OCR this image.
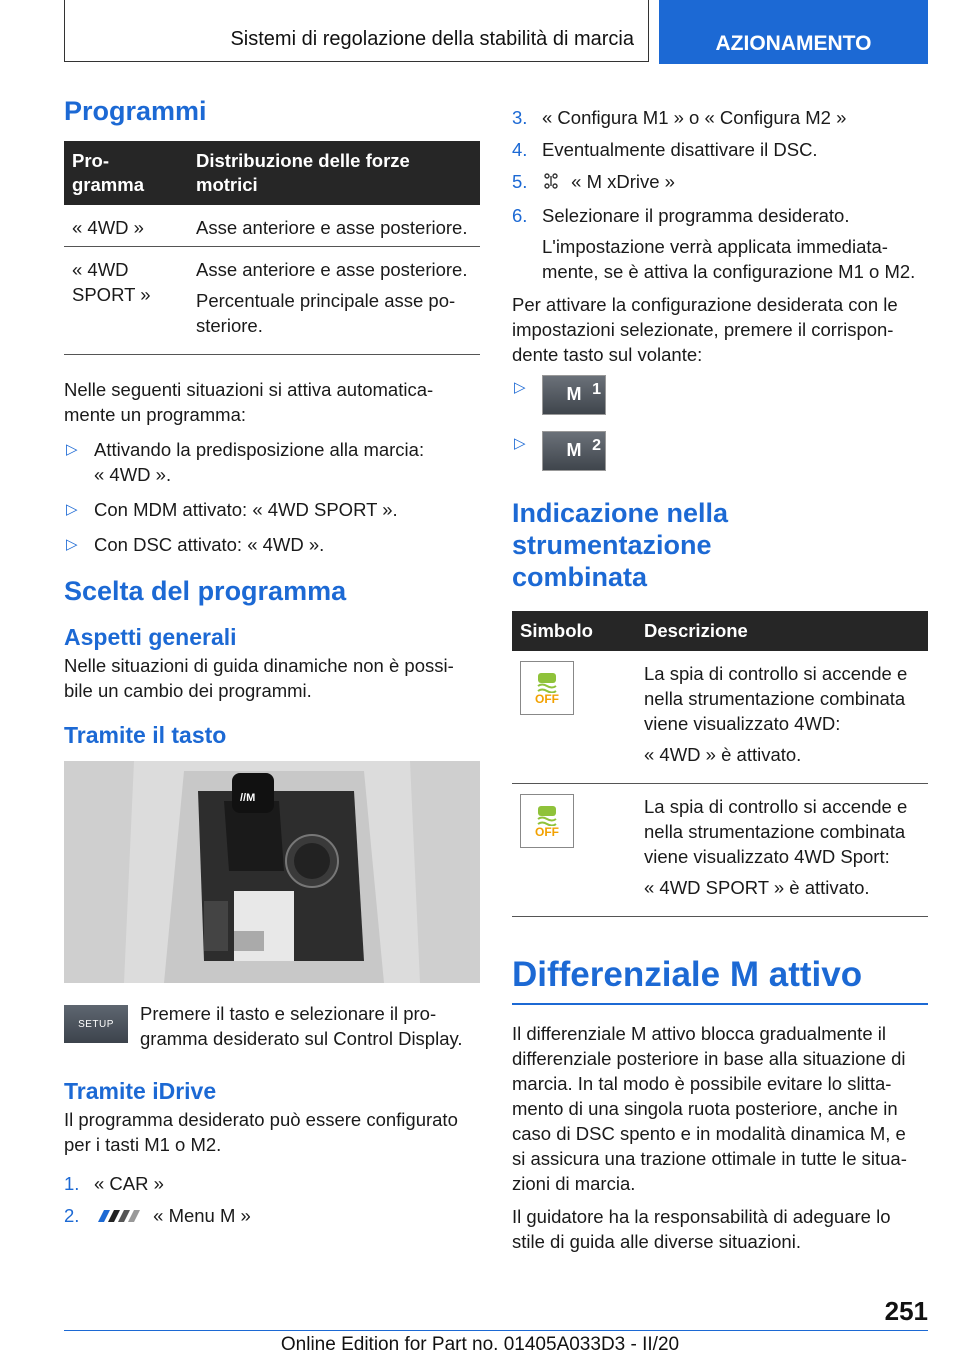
Sistemi di regolazione della stabilità di marcia	AZIONAMENTO
Programmi
Pro-
gramma	Distribuzione delle forze motrici
« 4WD »	Asse anteriore e asse posteriore.
« 4WD SPORT »	Asse anteriore e asse posteriore.

Percentuale principale asse po-
steriore.

Nelle seguenti situazioni si attiva automatica-
mente un programma:

▷ Attivando la predisposizione alla marcia:
« 4WD ».
▷ Con MDM attivato: « 4WD SPORT ».
▷ Con DSC attivato: « 4WD ».
Scelta del programma
Aspetti generali

Nelle situazioni di guida dinamiche non è possi-
bile un cambio dei programmi.

Tramite il tasto
//M
SETUP	Premere il tasto e selezionare il pro-
gramma desiderato sul Control Display.

Tramite iDrive

Il programma desiderato può essere configurato
per i tasti M1 o M2.

1. « CAR »
2.	« Menu M »
3. « Configura M1 » o « Configura M2 »
4. Eventualmente disattivare il DSC.
5. « M xDrive »
6. Selezionare il programma desiderato.
L'impostazione verrà applicata immediata-
mente, se è attiva la configurazione M1 o M2.

Per attivare la configurazione desiderata con le
impostazioni selezionate, premere il corrispon-
dente tasto sul volante:

▷ M 1
▷ M 2
Indicazione nella strumentazione
combinata
Simbolo	Descrizione

OFF	La spia di controllo si accende e
nella strumentazione combinata
viene visualizzato 4WD:

« 4WD » è attivato.

OFF	La spia di controllo si accende e
nella strumentazione combinata
viene visualizzato 4WD Sport:

« 4WD SPORT » è attivato.

Differenziale M attivo

Il differenziale M attivo blocca gradualmente il
differenziale posteriore in base alla situazione di
marcia. In tal modo è possibile evitare lo slitta-
mento di una singola ruota posteriore, anche in
caso di DSC spento e in modalità dinamica M, e
si assicura una trazione ottimale in tutte le situa-
zioni di marcia.

Il guidatore ha la responsabilità di adeguare lo
stile di guida alle diverse situazioni.

251
Online Edition for Part no. 01405A033D3 - II/20
